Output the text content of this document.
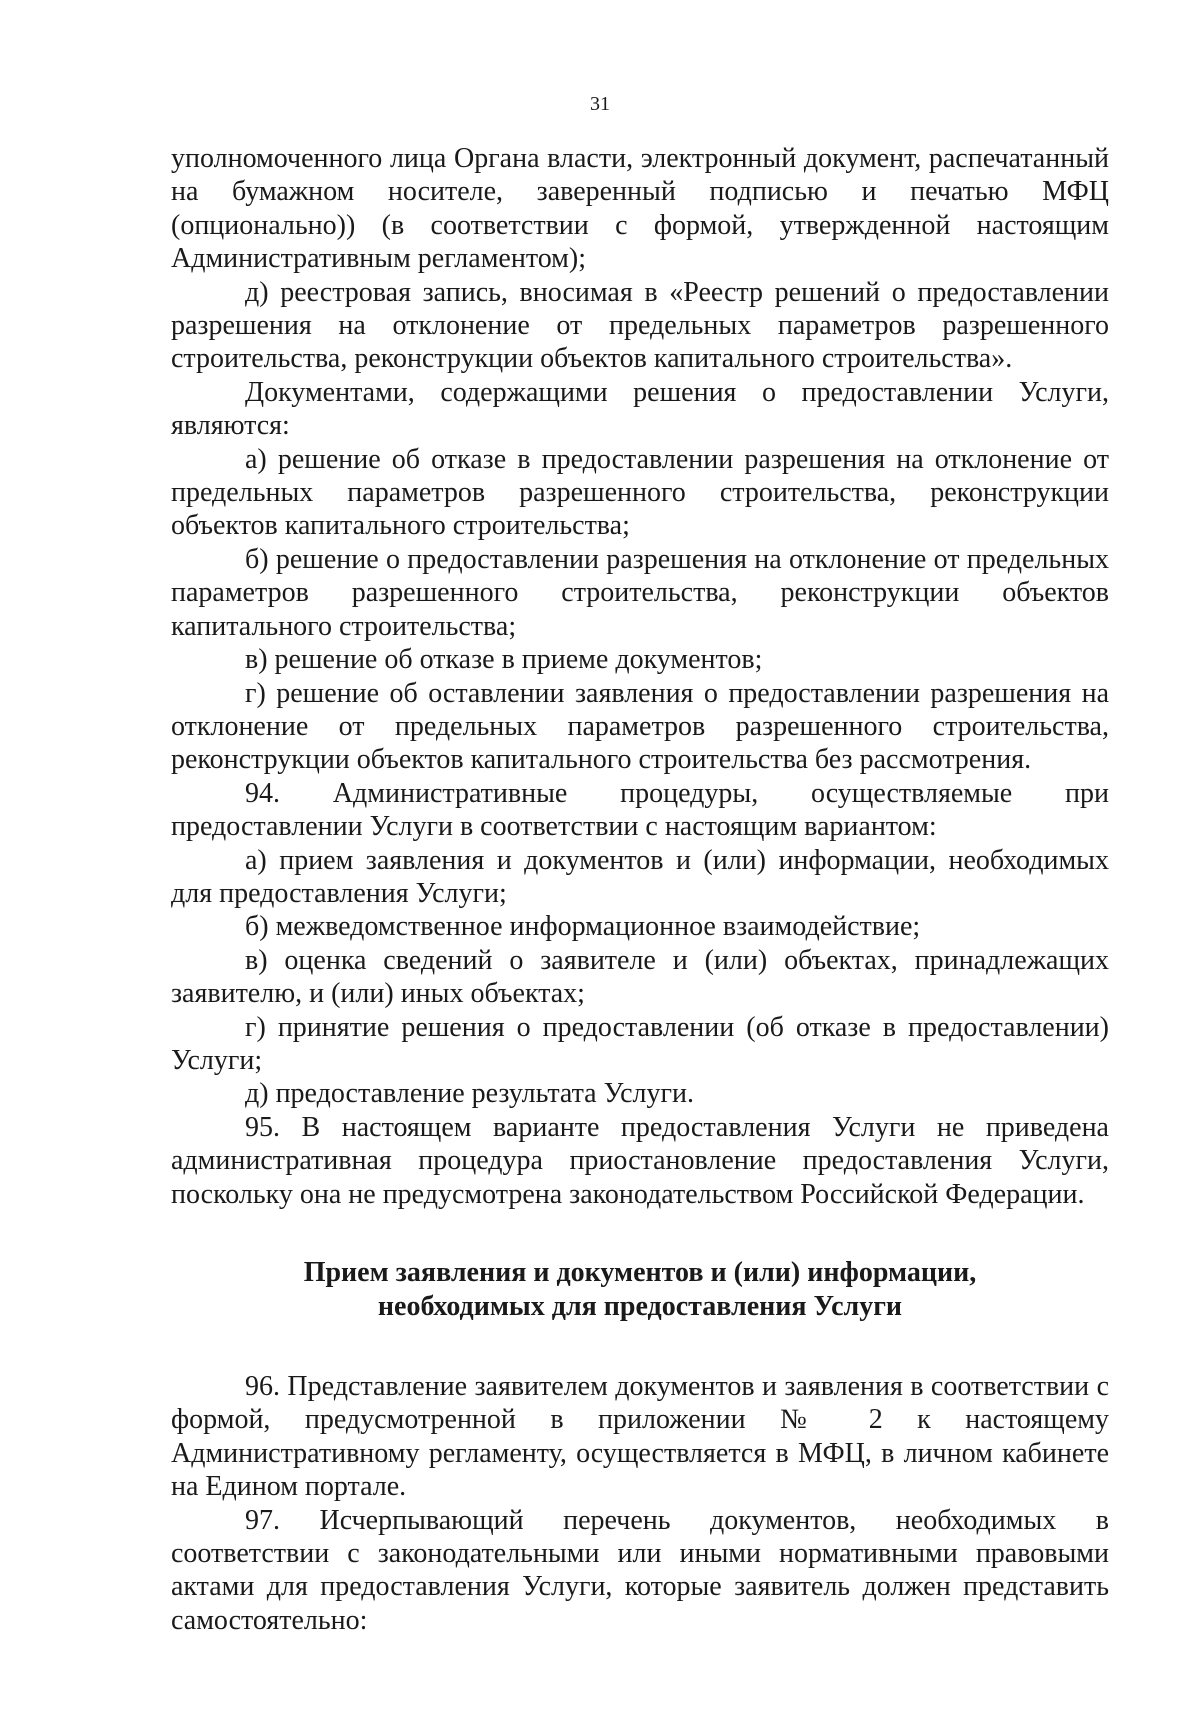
31

уполномоченного лица Органа власти, электронный документ, распечатанный на бумажном носителе, заверенный подписью и печатью МФЦ (опционально)) (в соответствии с формой, утвержденной настоящим Административным регламентом);

д) реестровая запись, вносимая в «Реестр решений о предоставлении разрешения на отклонение от предельных параметров разрешенного строительства, реконструкции объектов капитального строительства».

Документами, содержащими решения о предоставлении Услуги, являются:

а) решение об отказе в предоставлении разрешения на отклонение от предельных параметров разрешенного строительства, реконструкции объектов капитального строительства;

б) решение о предоставлении разрешения на отклонение от предельных параметров разрешенного строительства, реконструкции объектов капитального строительства;

в) решение об отказе в приеме документов;

г) решение об оставлении заявления о предоставлении разрешения на отклонение от предельных параметров разрешенного строительства, реконструкции объектов капитального строительства без рассмотрения.

94. Административные процедуры, осуществляемые при предоставлении Услуги в соответствии с настоящим вариантом:

а) прием заявления и документов и (или) информации, необходимых для предоставления Услуги;

б) межведомственное информационное взаимодействие;

в) оценка сведений о заявителе и (или) объектах, принадлежащих заявителю, и (или) иных объектах;

г) принятие решения о предоставлении (об отказе в предоставлении) Услуги;

д) предоставление результата Услуги.

95. В настоящем варианте предоставления Услуги не приведена административная процедура приостановление предоставления Услуги, поскольку она не предусмотрена законодательством Российской Федерации.

Прием заявления и документов и (или) информации,
необходимых для предоставления Услуги

96. Представление заявителем документов и заявления в соответствии с формой, предусмотренной в приложении № 2 к настоящему Административному регламенту, осуществляется в МФЦ, в личном кабинете на Едином портале.

97. Исчерпывающий перечень документов, необходимых в соответствии с законодательными или иными нормативными правовыми актами для предоставления Услуги, которые заявитель должен представить самостоятельно:
